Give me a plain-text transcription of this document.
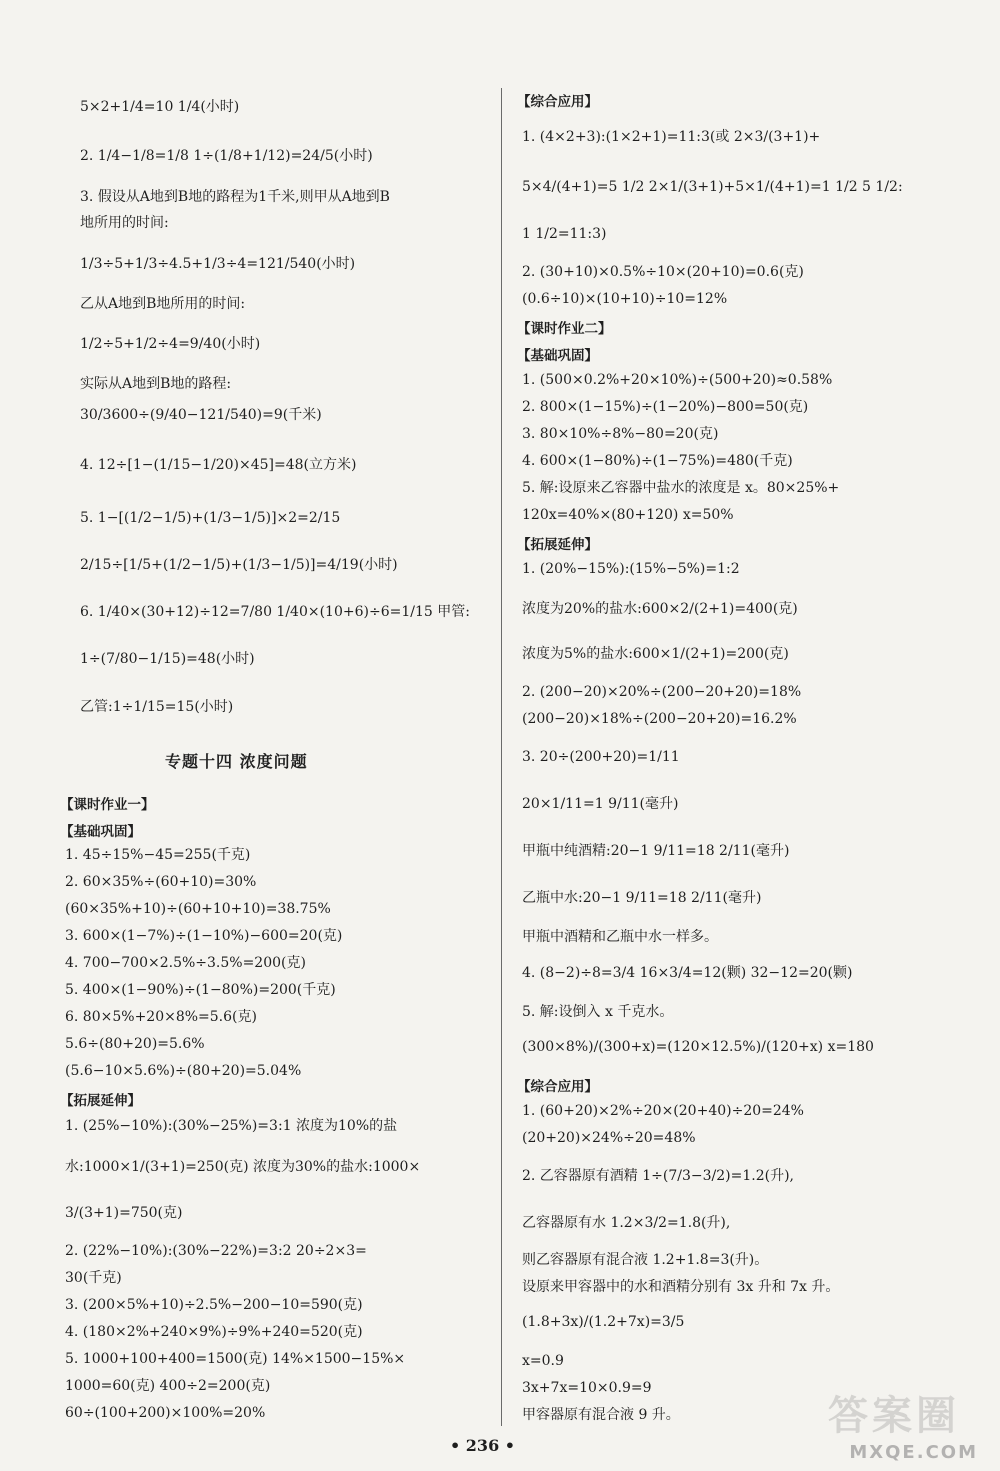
5×2+1/4=10 1/4(小时)
2. 1/4−1/8=1/8 1÷(1/8+1/12)=24/5(小时)
3. 假设从A地到B地的路程为1千米,则甲从A地到B
地所用的时间:
1/3÷5+1/3÷4.5+1/3÷4=121/540(小时)
乙从A地到B地所用的时间:
1/2÷5+1/2÷4=9/40(小时)
实际从A地到B地的路程:
30/3600÷(9/40−121/540)=9(千米)
4. 12÷[1−(1/15−1/20)×45]=48(立方米)
5. 1−[(1/2−1/5)+(1/3−1/5)]×2=2/15
2/15÷[1/5+(1/2−1/5)+(1/3−1/5)]=4/19(小时)
6. 1/40×(30+12)÷12=7/80 1/40×(10+6)÷6=1/15 甲管:
1÷(7/80−1/15)=48(小时)
乙管:1÷1/15=15(小时)
【课时作业一】
【基础巩固】
1. 45÷15%−45=255(千克)
2. 60×35%÷(60+10)=30%
(60×35%+10)÷(60+10+10)=38.75%
3. 600×(1−7%)÷(1−10%)−600=20(克)
4. 700−700×2.5%÷3.5%=200(克)
5. 400×(1−90%)÷(1−80%)=200(千克)
6. 80×5%+20×8%=5.6(克)
5.6÷(80+20)=5.6%
(5.6−10×5.6%)÷(80+20)=5.04%
【拓展延伸】
1. (25%−10%):(30%−25%)=3:1 浓度为10%的盐
水:1000×1/(3+1)=250(克) 浓度为30%的盐水:1000×
3/(3+1)=750(克)
2. (22%−10%):(30%−22%)=3:2 20÷2×3=
30(千克)
3. (200×5%+10)÷2.5%−200−10=590(克)
4. (180×2%+240×9%)÷9%+240=520(克)
5. 1000+100+400=1500(克) 14%×1500−15%×
1000=60(克) 400÷2=200(克)
60÷(100+200)×100%=20%
专题十四 浓度问题
【综合应用】
1. (4×2+3):(1×2+1)=11:3(或 2×3/(3+1)+
5×4/(4+1)=5 1/2 2×1/(3+1)+5×1/(4+1)=1 1/2 5 1/2:
1 1/2=11:3)
2. (30+10)×0.5%÷10×(20+10)=0.6(克)
(0.6÷10)×(10+10)÷10=12%
【课时作业二】
【基础巩固】
1. (500×0.2%+20×10%)÷(500+20)≈0.58%
2. 800×(1−15%)÷(1−20%)−800=50(克)
3. 80×10%÷8%−80=20(克)
4. 600×(1−80%)÷(1−75%)=480(千克)
5. 解:设原来乙容器中盐水的浓度是 x。80×25%+
120x=40%×(80+120) x=50%
【拓展延伸】
1. (20%−15%):(15%−5%)=1:2
浓度为20%的盐水:600×2/(2+1)=400(克)
浓度为5%的盐水:600×1/(2+1)=200(克)
2. (200−20)×20%÷(200−20+20)=18%
(200−20)×18%÷(200−20+20)=16.2%
3. 20÷(200+20)=1/11
20×1/11=1 9/11(毫升)
甲瓶中纯酒精:20−1 9/11=18 2/11(毫升)
乙瓶中水:20−1 9/11=18 2/11(毫升)
甲瓶中酒精和乙瓶中水一样多。
4. (8−2)÷8=3/4 16×3/4=12(颗) 32−12=20(颗)
5. 解:设倒入 x 千克水。
(300×8%)/(300+x)=(120×12.5%)/(120+x) x=180
【综合应用】
1. (60+20)×2%÷20×(20+40)÷20=24%
(20+20)×24%÷20=48%
2. 乙容器原有酒精 1÷(7/3−3/2)=1.2(升),
乙容器原有水 1.2×3/2=1.8(升),
则乙容器原有混合液 1.2+1.8=3(升)。
设原来甲容器中的水和酒精分别有 3x 升和 7x 升。
(1.8+3x)/(1.2+7x)=3/5
x=0.9
3x+7x=10×0.9=9
甲容器原有混合液 9 升。
• 236 •
答案圈
MXQE.COM
